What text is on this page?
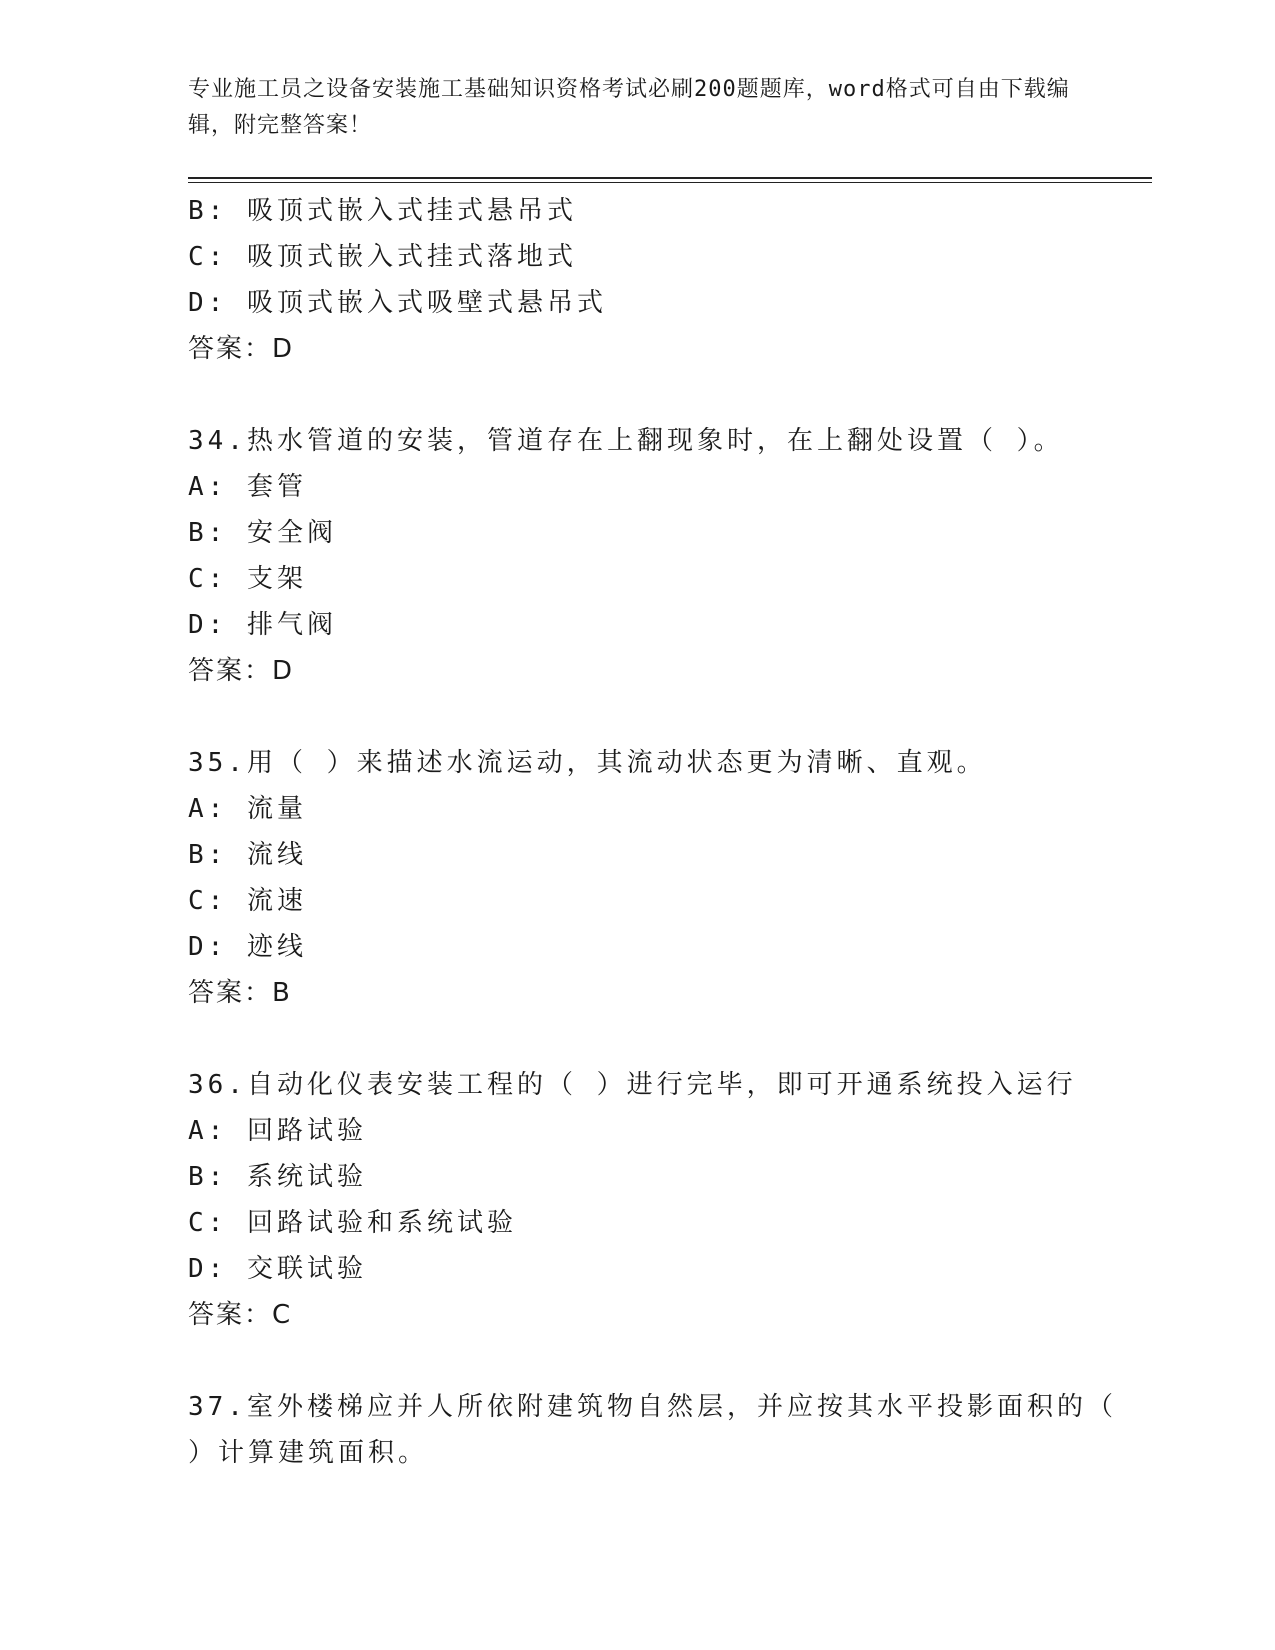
专业施工员之设备安装施工基础知识资格考试必刷200题题库，word格式可自由下载编辑，附完整答案！
B: 吸顶式嵌入式挂式悬吊式
C: 吸顶式嵌入式挂式落地式
D: 吸顶式嵌入式吸壁式悬吊式
答案：D
34.热水管道的安装，管道存在上翻现象时，在上翻处设置（ ）。
A: 套管
B: 安全阀
C: 支架
D: 排气阀
答案：D
35.用（ ）来描述水流运动，其流动状态更为清晰、直观。
A: 流量
B: 流线
C: 流速
D: 迹线
答案：B
36.自动化仪表安装工程的（ ）进行完毕，即可开通系统投入运行
A: 回路试验
B: 系统试验
C: 回路试验和系统试验
D: 交联试验
答案：C
37.室外楼梯应并人所依附建筑物自然层，并应按其水平投影面积的（
）计算建筑面积。
